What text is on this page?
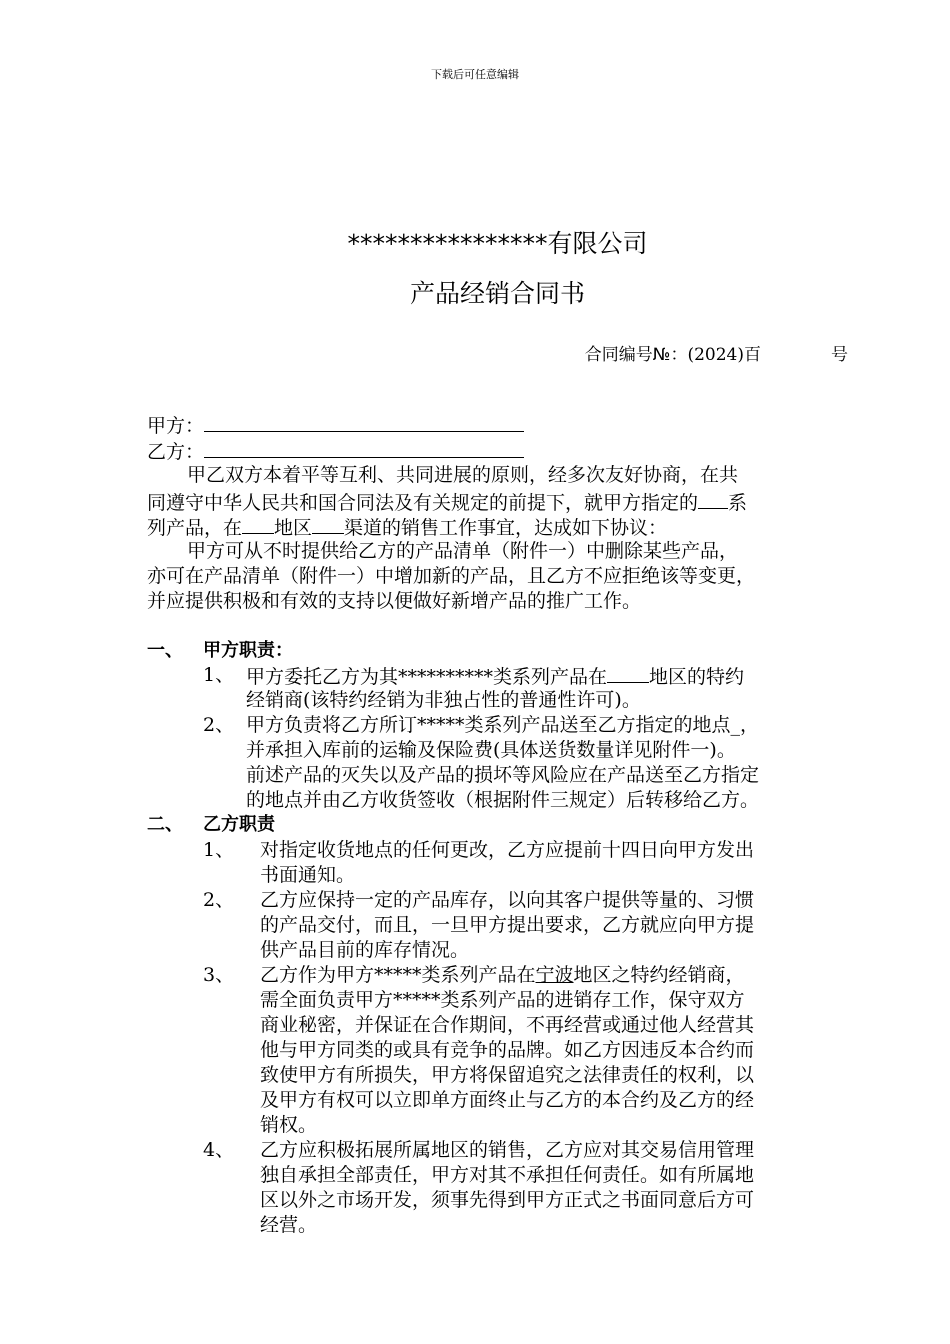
下载后可任意编辑
****************有限公司
产品经销合同书
合同编号№：(2024)百	号
甲方：
乙方：
甲乙双方本着平等互利、共同进展的原则，经多次友好协商，在共
同遵守中华人民共和国合同法及有关规定的前提下，就甲方指定的 系
列产品，在 地区 渠道的销售工作事宜，达成如下协议：
甲方可从不时提供给乙方的产品清单（附件一）中删除某些产品，
亦可在产品清单（附件一）中增加新的产品，且乙方不应拒绝该等变更，
并应提供积极和有效的支持以便做好新增产品的推广工作。
一、 甲方职责：
1、 甲方委托乙方为其**********类系列产品在 地区的特约
经销商(该特约经销为非独占性的普通性许可)。
2、 甲方负责将乙方所订*****类系列产品送至乙方指定的地点_，
并承担入库前的运输及保险费(具体送货数量详见附件一)。
前述产品的灭失以及产品的损坏等风险应在产品送至乙方指定
的地点并由乙方收货签收（根据附件三规定）后转移给乙方。
二、 乙方职责
1、 对指定收货地点的任何更改，乙方应提前十四日向甲方发出
书面通知。
2、 乙方应保持一定的产品库存，以向其客户提供等量的、习惯
的产品交付，而且，一旦甲方提出要求，乙方就应向甲方提
供产品目前的库存情况。
3、 乙方作为甲方*****类系列产品在宁波地区之特约经销商，
需全面负责甲方*****类系列产品的进销存工作，保守双方
商业秘密，并保证在合作期间，不再经营或通过他人经营其
他与甲方同类的或具有竞争的品牌。如乙方因违反本合约而
致使甲方有所损失，甲方将保留追究之法律责任的权利，以
及甲方有权可以立即单方面终止与乙方的本合约及乙方的经
销权。
4、 乙方应积极拓展所属地区的销售，乙方应对其交易信用管理
独自承担全部责任，甲方对其不承担任何责任。如有所属地
区以外之市场开发，须事先得到甲方正式之书面同意后方可
经营。
